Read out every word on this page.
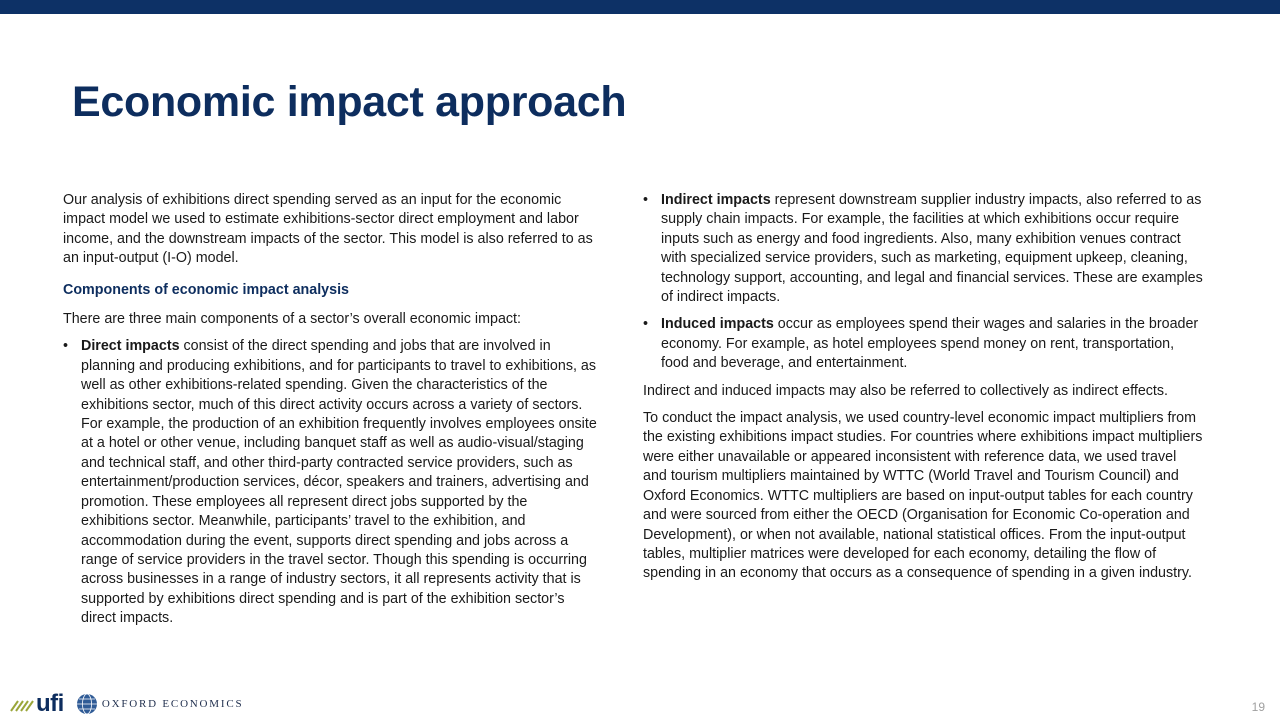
Economic impact approach

Our analysis of exhibitions direct spending served as an input for the economic impact model we used to estimate exhibitions-sector direct employment and labor income, and the downstream impacts of the sector. This model is also referred to as an input-output (I-O) model.

Components of economic impact analysis

There are three main components of a sector’s overall economic impact:

• Direct impacts consist of the direct spending and jobs that are involved in planning and producing exhibitions, and for participants to travel to exhibitions, as well as other exhibitions-related spending. Given the characteristics of the exhibitions sector, much of this direct activity occurs across a variety of sectors. For example, the production of an exhibition frequently involves employees onsite at a hotel or other venue, including banquet staff as well as audio-visual/staging and technical staff, and other third-party contracted service providers, such as entertainment/production services, décor, speakers and trainers, advertising and promotion. These employees all represent direct jobs supported by the exhibitions sector. Meanwhile, participants’ travel to the exhibition, and accommodation during the event, supports direct spending and jobs across a range of service providers in the travel sector. Though this spending is occurring across businesses in a range of industry sectors, it all represents activity that is supported by exhibitions direct spending and is part of the exhibition sector’s direct impacts.
• Indirect impacts represent downstream supplier industry impacts, also referred to as supply chain impacts. For example, the facilities at which exhibitions occur require inputs such as energy and food ingredients. Also, many exhibition venues contract with specialized service providers, such as marketing, equipment upkeep, cleaning, technology support, accounting, and legal and financial services. These are examples of indirect impacts.
• Induced impacts occur as employees spend their wages and salaries in the broader economy. For example, as hotel employees spend money on rent, transportation, food and beverage, and entertainment.

Indirect and induced impacts may also be referred to collectively as indirect effects.

To conduct the impact analysis, we used country-level economic impact multipliers from the existing exhibitions impact studies. For countries where exhibitions impact multipliers were either unavailable or appeared inconsistent with reference data, we used travel and tourism multipliers maintained by WTTC (World Travel and Tourism Council) and Oxford Economics. WTTC multipliers are based on input-output tables for each country and were sourced from either the OECD (Organisation for Economic Co-operation and Development), or when not available, national statistical offices. From the input-output tables, multiplier matrices were developed for each economy, detailing the flow of spending in an economy that occurs as a consequence of spending in a given industry.

ufi	OXFORD ECONOMICS	19
